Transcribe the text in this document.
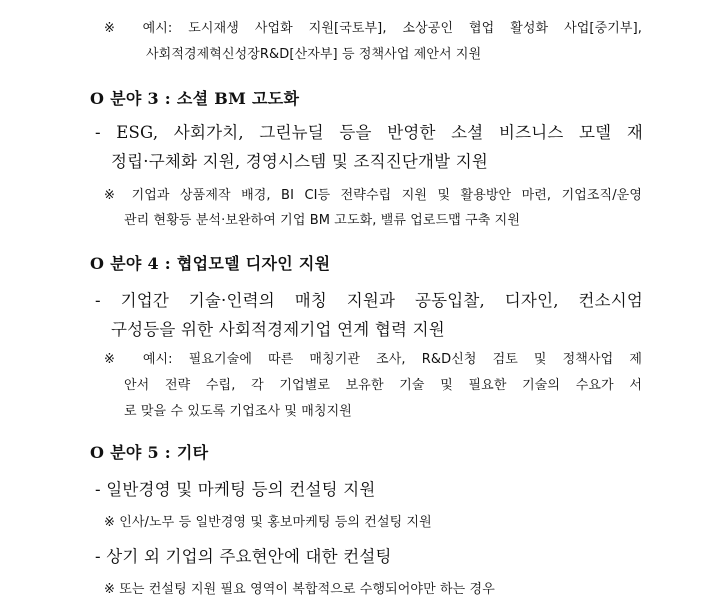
※ 예시: 도시재생 사업화 지원[국토부], 소상공인 협업 활성화 사업[중기부],
사회적경제혁신성장R&D[산자부] 등 정책사업 제안서 지원
O 분야 3 : 소셜 BM 고도화
- ESG, 사회가치, 그린뉴딜 등을 반영한 소셜 비즈니스 모델 재
정립·구체화 지원, 경영시스템 및 조직진단개발 지원
※ 기업과 상품제작 배경, BI CI등 전략수립 지원 및 활용방안 마련, 기업조직/운영
관리 현황등 분석·보완하여 기업 BM 고도화, 밸류 업로드맵 구축 지원
O 분야 4 : 협업모델 디자인 지원
- 기업간 기술·인력의 매칭 지원과 공동입찰, 디자인, 컨소시엄
구성등을 위한 사회적경제기업 연계 협력 지원
※ 예시: 필요기술에 따른 매칭기관 조사, R&D신청 검토 및 정책사업 제
안서 전략 수립, 각 기업별로 보유한 기술 및 필요한 기술의 수요가 서
로 맞을 수 있도록 기업조사 및 매칭지원
O 분야 5 : 기타
- 일반경영 및 마케팅 등의 컨설팅 지원
※ 인사/노무 등 일반경영 및 홍보마케팅 등의 컨설팅 지원
- 상기 외 기업의 주요현안에 대한 컨설팅
※ 또는 컨설팅 지원 필요 영역이 복합적으로 수행되어야만 하는 경우
